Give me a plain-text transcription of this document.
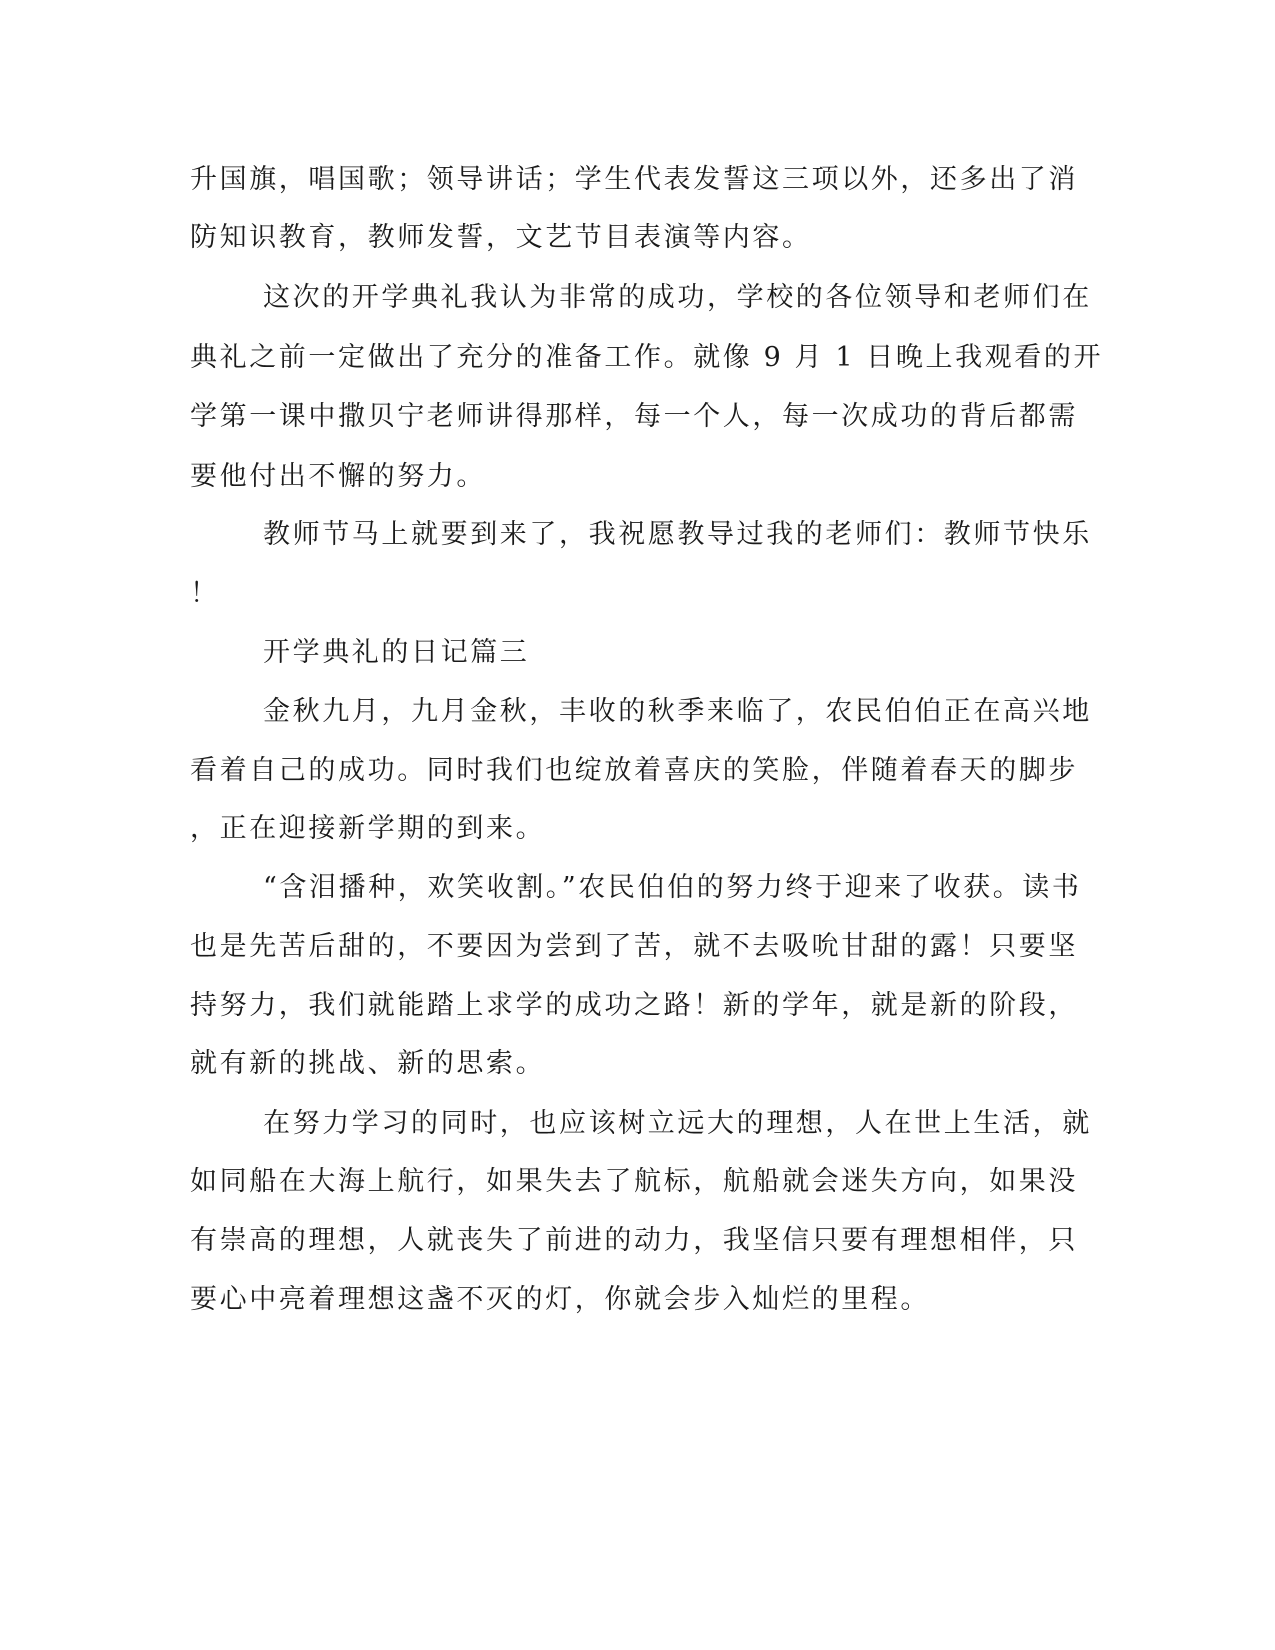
升国旗，唱国歌；领导讲话；学生代表发誓这三项以外，还多出了消
防知识教育，教师发誓，文艺节目表演等内容。
这次的开学典礼我认为非常的成功，学校的各位领导和老师们在
典礼之前一定做出了充分的准备工作。就像 9 月 1 日晚上我观看的开
学第一课中撒贝宁老师讲得那样，每一个人，每一次成功的背后都需
要他付出不懈的努力。
教师节马上就要到来了，我祝愿教导过我的老师们：教师节快乐
！
开学典礼的日记篇三
金秋九月，九月金秋，丰收的秋季来临了，农民伯伯正在高兴地
看着自己的成功。同时我们也绽放着喜庆的笑脸，伴随着春天的脚步
，正在迎接新学期的到来。
“含泪播种，欢笑收割。”农民伯伯的努力终于迎来了收获。读书
也是先苦后甜的，不要因为尝到了苦，就不去吸吮甘甜的露！只要坚
持努力，我们就能踏上求学的成功之路！新的学年，就是新的阶段，
就有新的挑战、新的思索。
在努力学习的同时，也应该树立远大的理想，人在世上生活，就
如同船在大海上航行，如果失去了航标，航船就会迷失方向，如果没
有崇高的理想，人就丧失了前进的动力，我坚信只要有理想相伴，只
要心中亮着理想这盏不灭的灯，你就会步入灿烂的里程。
